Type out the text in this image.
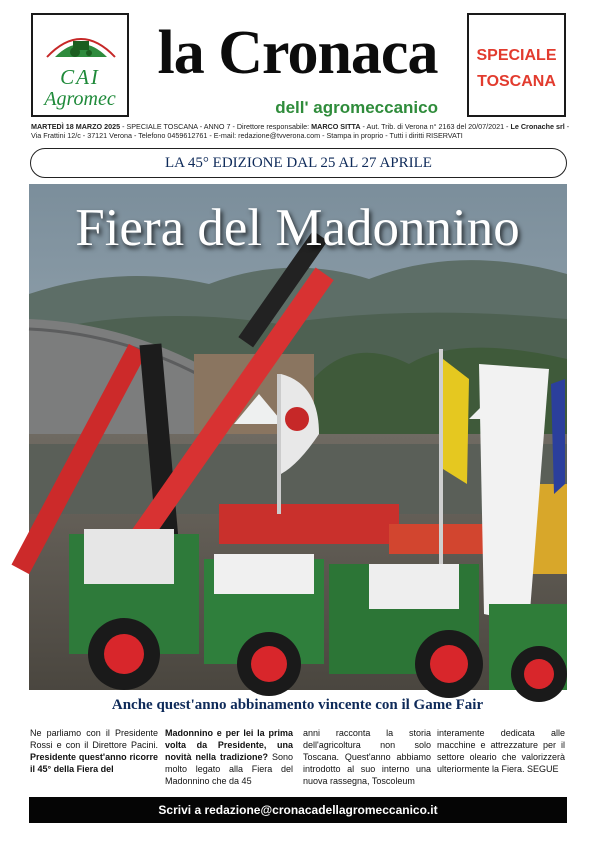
CAI
Agromec
la Cronaca
dell' agromeccanico
SPECIALE
TOSCANA
MARTEDÌ 18 MARZO 2025 - SPECIALE TOSCANA - ANNO 7 - Direttore responsabile: MARCO SITTA - Aut. Trib. di Verona n° 2163 del 20/07/2021 - Le Cronache srl -
Via Frattini 12/c - 37121 Verona - Telefono 0459612761 - E-mail: redazione@tvverona.com - Stampa in proprio - Tutti i diritti RISERVATI
LA 45° EDIZIONE DAL 25 AL 27 APRILE
Fiera del Madonnino
Anche quest'anno abbinamento vincente con il Game Fair
Ne parliamo con il Presidente Rossi e con il Direttore Pacini. Presidente quest'anno ricorre il 45° della Fiera del
Madonnino e per lei la prima volta da Presidente, una novità nella tradizione? Sono molto legato alla Fiera del Madonnino che da 45
anni racconta la storia dell'agricoltura non solo Toscana. Quest'anno abbiamo introdotto al suo interno una nuova rassegna, Toscoleum
interamente dedicata alle macchine e attrezzature per il settore oleario che valorizzerà ulteriormente la Fiera. SEGUE
Scrivi a redazione@cronacadellagromeccanico.it
